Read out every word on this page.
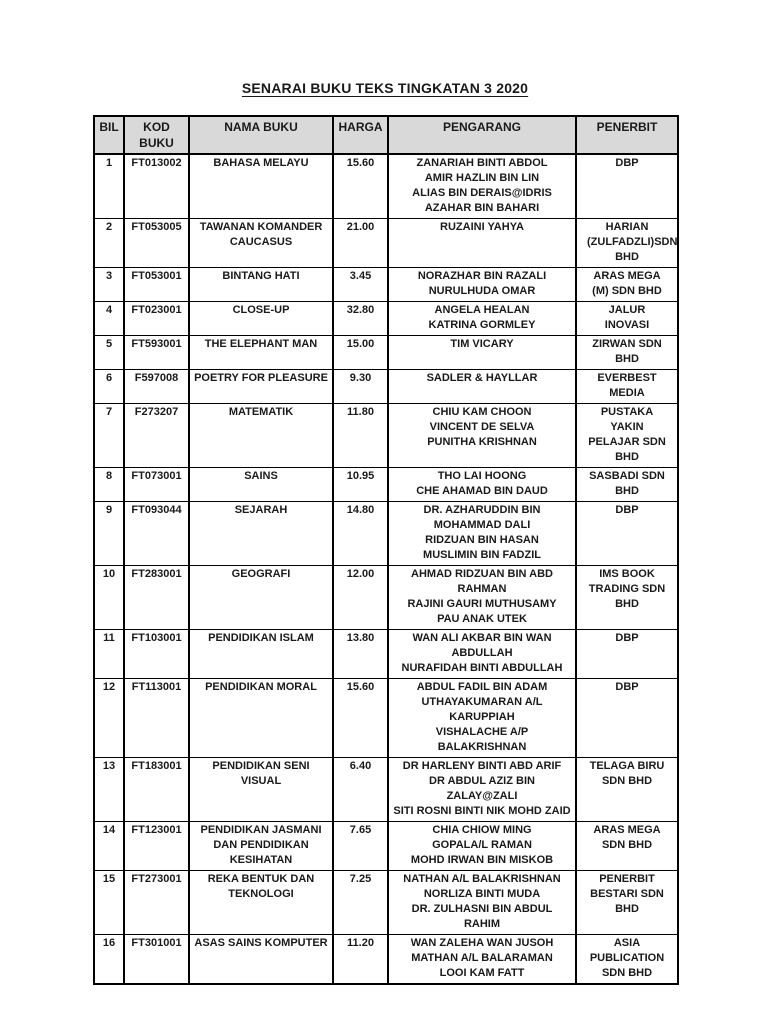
SENARAI BUKU TEKS TINGKATAN 3 2020
BIL	KOD BUKU	NAMA BUKU	HARGA	PENGARANG	PENERBIT
1	FT013002	BAHASA MELAYU	15.60	ZANARIAH BINTI ABDOL
AMIR HAZLIN BIN LIN
ALIAS BIN DERAIS@IDRIS
AZAHAR BIN BAHARI	DBP
2	FT053005	TAWANAN KOMANDER CAUCASUS	21.00	RUZAINI YAHYA	HARIAN (ZULFADZLI)SDN BHD
3	FT053001	BINTANG HATI	3.45	NORAZHAR BIN RAZALI
NURULHUDA OMAR	ARAS MEGA (M) SDN BHD
4	FT023001	CLOSE-UP	32.80	ANGELA HEALAN
KATRINA GORMLEY	JALUR INOVASI
5	FT593001	THE ELEPHANT MAN	15.00	TIM VICARY	ZIRWAN SDN BHD
6	F597008	POETRY FOR PLEASURE	9.30	SADLER & HAYLLAR	EVERBEST MEDIA
7	F273207	MATEMATIK	11.80	CHIU KAM CHOON
VINCENT DE SELVA
PUNITHA KRISHNAN	PUSTAKA YAKIN PELAJAR SDN BHD
8	FT073001	SAINS	10.95	THO LAI HOONG
CHE AHAMAD BIN DAUD	SASBADI SDN BHD
9	FT093044	SEJARAH	14.80	DR. AZHARUDDIN BIN MOHAMMAD DALI
RIDZUAN BIN HASAN
MUSLIMIN BIN FADZIL	DBP
10	FT283001	GEOGRAFI	12.00	AHMAD RIDZUAN BIN ABD RAHMAN
RAJINI GAURI MUTHUSAMY
PAU ANAK UTEK	IMS BOOK TRADING SDN BHD
11	FT103001	PENDIDIKAN ISLAM	13.80	WAN ALI AKBAR BIN WAN ABDULLAH
NURAFIDAH BINTI ABDULLAH	DBP
12	FT113001	PENDIDIKAN MORAL	15.60	ABDUL FADIL BIN ADAM
UTHAYAKUMARAN A/L KARUPPIAH
VISHALACHE A/P BALAKRISHNAN	DBP
13	FT183001	PENDIDIKAN SENI VISUAL	6.40	DR HARLENY BINTI ABD ARIF
DR ABDUL AZIZ BIN ZALAY@ZALI
SITI ROSNI BINTI NIK MOHD ZAID	TELAGA BIRU SDN BHD
14	FT123001	PENDIDIKAN JASMANI DAN PENDIDIKAN KESIHATAN	7.65	CHIA CHIOW MING
GOPALA/L RAMAN
MOHD IRWAN BIN MISKOB	ARAS MEGA SDN BHD
15	FT273001	REKA BENTUK DAN TEKNOLOGI	7.25	NATHAN A/L BALAKRISHNAN
NORLIZA BINTI MUDA
DR. ZULHASNI BIN ABDUL RAHIM	PENERBIT BESTARI SDN BHD
16	FT301001	ASAS SAINS KOMPUTER	11.20	WAN ZALEHA WAN JUSOH
MATHAN A/L BALARAMAN
LOOI KAM FATT	ASIA PUBLICATION SDN BHD
